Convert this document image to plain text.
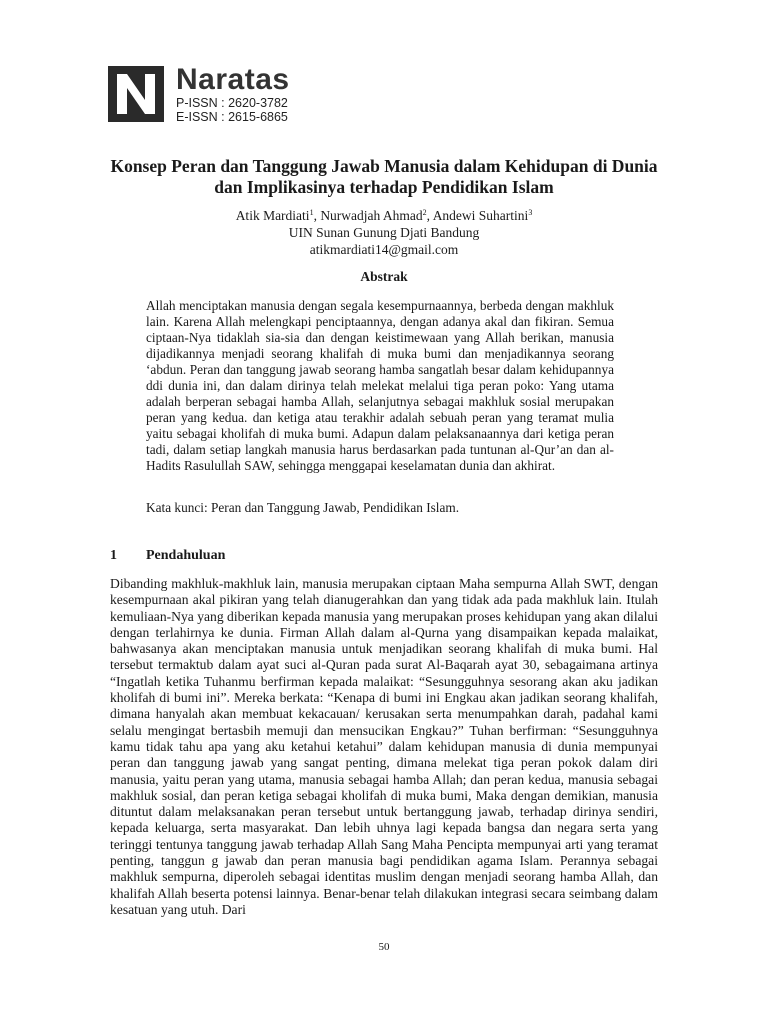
Naratas
P-ISSN : 2620-3782
E-ISSN : 2615-6865
Konsep Peran dan Tanggung Jawab Manusia dalam Kehidupan di Dunia dan Implikasinya terhadap Pendidikan Islam
Atik Mardiati$^1$, Nurwadjah Ahmad$^2$, Andewi Suhartini$^3$
UIN Sunan Gunung Djati Bandung
atikmardiati14@gmail.com
Abstrak

Allah menciptakan manusia dengan segala kesempurnaannya, berbeda dengan makhluk lain. Karena Allah melengkapi penciptaannya, dengan adanya akal dan fikiran. Semua ciptaan-Nya tidaklah sia-sia dan dengan keistimewaan yang Allah berikan, manusia dijadikannya menjadi seorang khalifah di muka bumi dan menjadikannya seorang ‘abdun. Peran dan tanggung jawab seorang hamba sangatlah besar dalam kehidupannya ddi dunia ini, dan dalam dirinya telah melekat melalui tiga peran poko: Yang utama adalah berperan sebagai hamba Allah, selanjutnya sebagai makhluk sosial merupakan peran yang kedua. dan ketiga atau terakhir adalah sebuah peran yang teramat mulia yaitu sebagai kholifah di muka bumi. Adapun dalam pelaksanaannya dari ketiga peran tadi, dalam setiap langkah manusia harus berdasarkan pada tuntunan al-Qur’an dan al- Hadits Rasulullah SAW, sehingga menggapai keselamatan dunia dan akhirat.

Kata kunci: Peran dan Tanggung Jawab, Pendidikan Islam.
1 Pendahuluan

Dibanding makhluk-makhluk lain, manusia merupakan ciptaan Maha sempurna Allah SWT, dengan kesempurnaan akal pikiran yang telah dianugerahkan dan yang tidak ada pada makhluk lain. Itulah kemuliaan-Nya yang diberikan kepada manusia yang merupakan proses kehidupan yang akan dilalui dengan terlahirnya ke dunia. Firman Allah dalam al-Qurna yang disampaikan kepada malaikat, bahwasanya akan menciptakan manusia untuk menjadikan seorang khalifah di muka bumi. Hal tersebut termaktub dalam ayat suci al-Quran pada surat Al-Baqarah ayat 30, sebagaimana artinya “Ingatlah ketika Tuhanmu berfirman kepada malaikat: “Sesungguhnya sesorang akan aku jadikan kholifah di bumi ini”. Mereka berkata: “Kenapa di bumi ini Engkau akan jadikan seorang khalifah, dimana hanyalah akan membuat kekacauan/ kerusakan serta menumpahkan darah, padahal kami selalu mengingat bertasbih memuji dan mensucikan Engkau?” Tuhan berfirman: “Sesungguhnya kamu tidak tahu apa yang aku ketahui ketahui” dalam kehidupan manusia di dunia mempunyai peran dan tanggung jawab yang sangat penting, dimana melekat tiga peran pokok dalam diri manusia, yaitu peran yang utama, manusia sebagai hamba Allah; dan peran kedua, manusia sebagai makhluk sosial, dan peran ketiga sebagai kholifah di muka bumi, Maka dengan demikian, manusia dituntut dalam melaksanakan peran tersebut untuk bertanggung jawab, terhadap dirinya sendiri, kepada keluarga, serta masyarakat. Dan lebih uhnya lagi kepada bangsa dan negara serta yang teringgi tentunya tanggung jawab terhadap Allah Sang Maha Pencipta mempunyai arti yang teramat penting, tanggun g jawab dan peran manusia bagi pendidikan agama Islam. Perannya sebagai makhluk sempurna, diperoleh sebagai identitas muslim dengan menjadi seorang hamba Allah, dan khalifah Allah beserta potensi lainnya. Benar-benar telah dilakukan integrasi secara seimbang dalam kesatuan yang utuh. Dari

50
